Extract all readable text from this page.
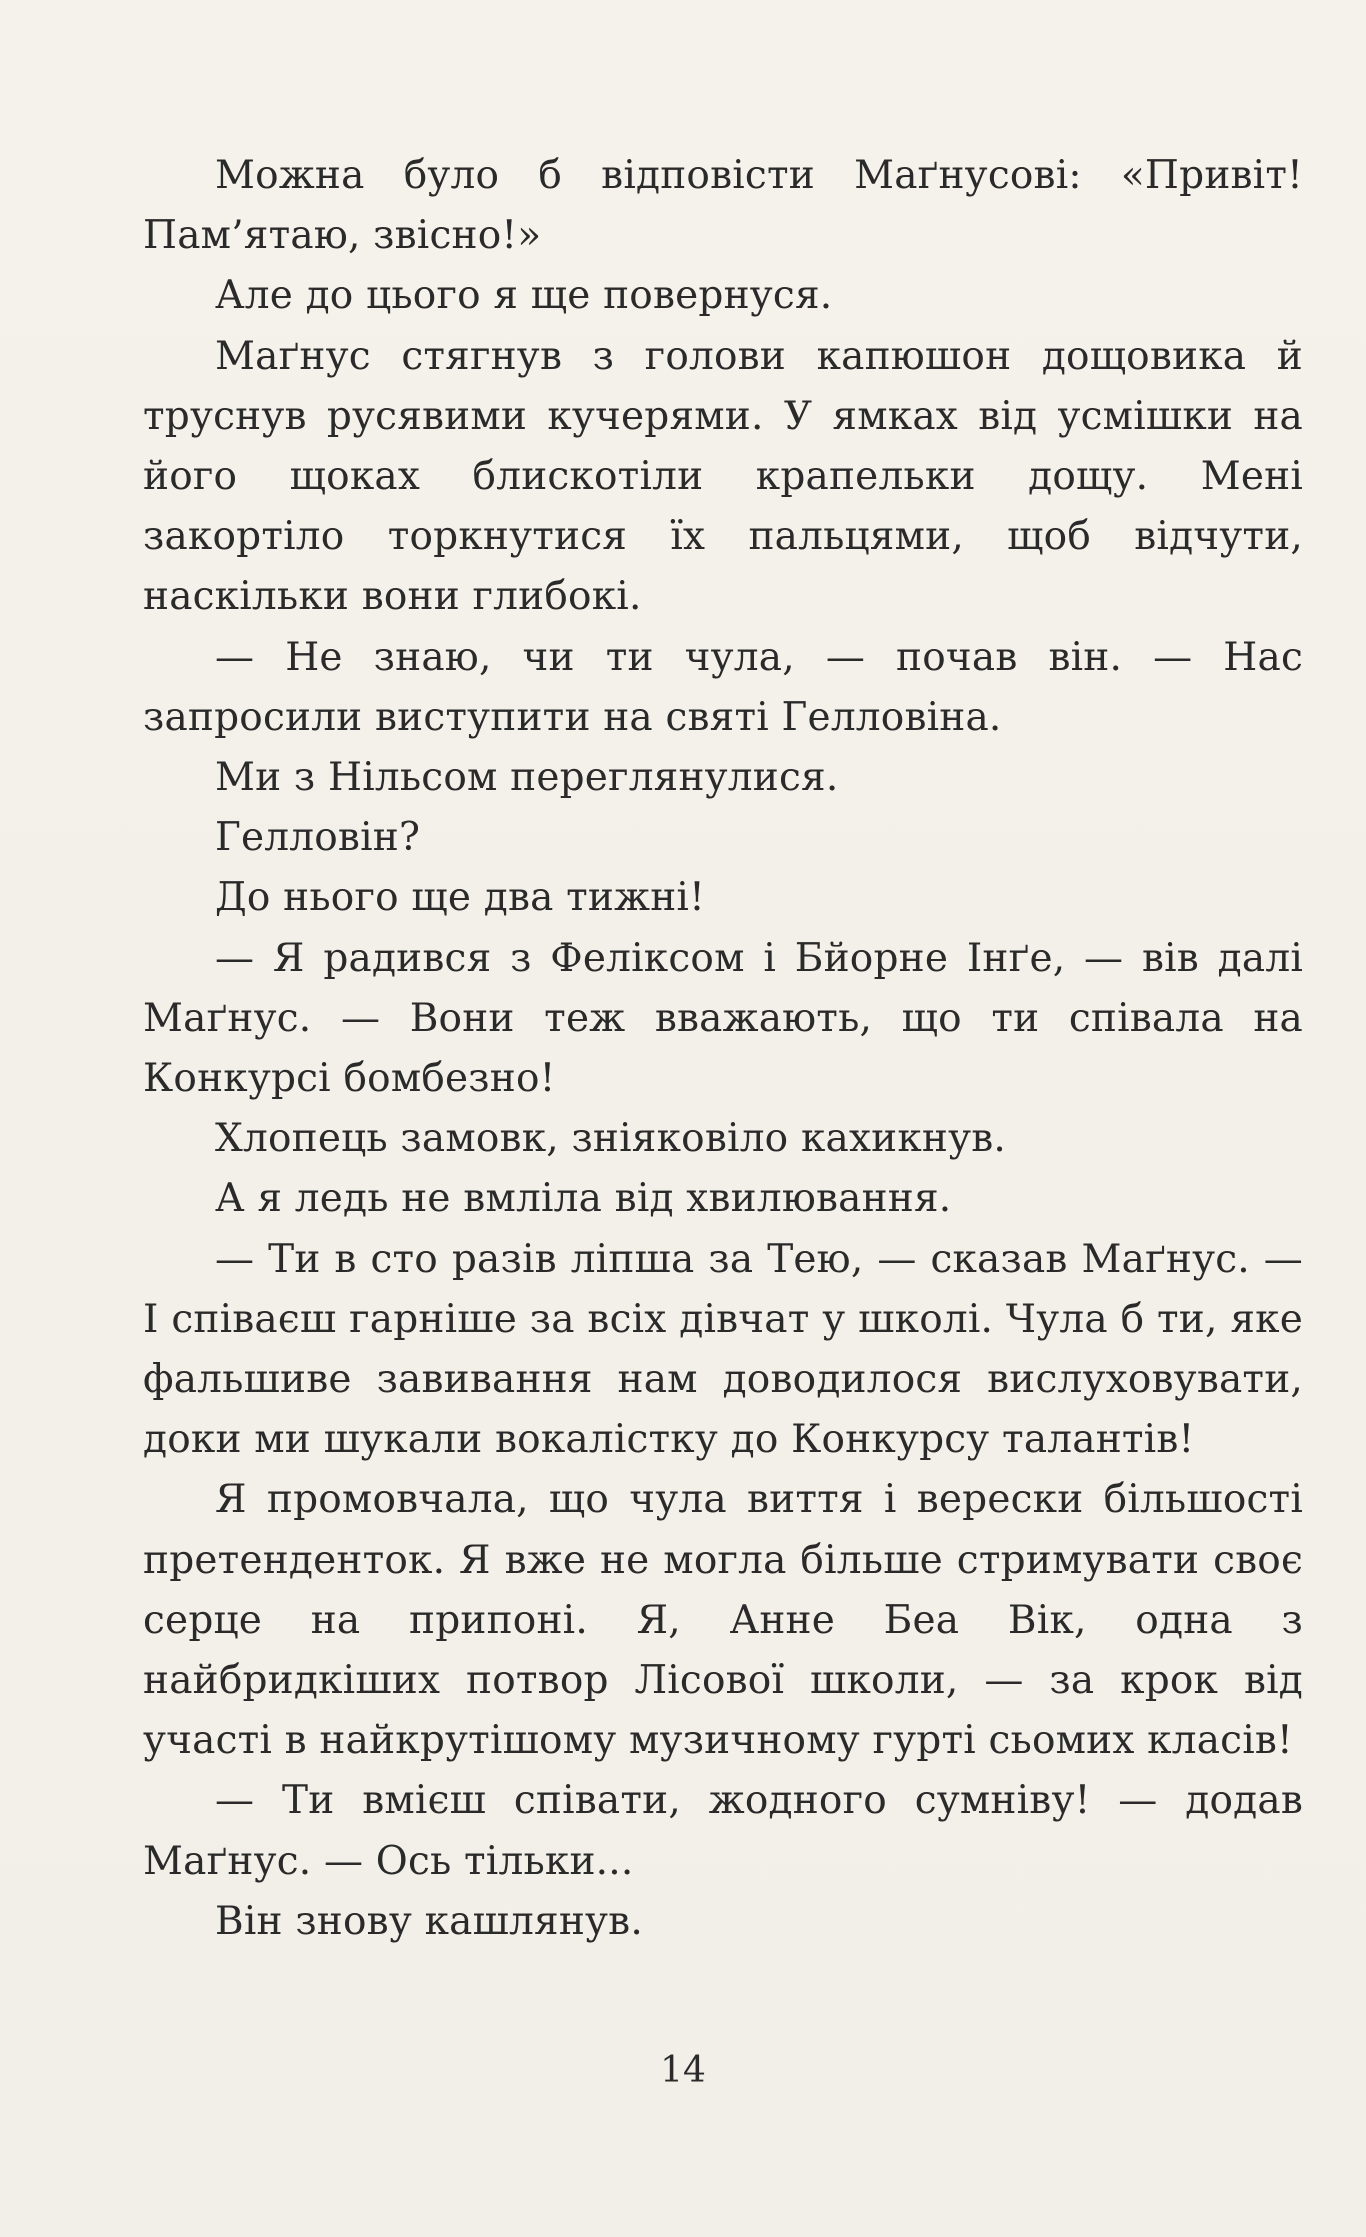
Можна було б відповісти Маґнусові: «Привіт! Пам’ятаю, звісно!»

Але до цього я ще повернуся.

Маґнус стягнув з голови капюшон дощовика й труснув русявими кучерями. У ямках від усмішки на його щоках блискотіли крапельки дощу. Мені закортіло торкнутися їх пальцями, щоб відчути, наскільки вони глибокі.

— Не знаю, чи ти чула, — почав він. — Нас запросили виступити на святі Гелловіна.

Ми з Нільсом переглянулися.

Гелловін?

До нього ще два тижні!

— Я радився з Феліксом і Бйорне Інґе, — вів далі Маґнус. — Вони теж вважають, що ти співала на Конкурсі бомбезно!

Хлопець замовк, зніяковіло кахикнув.

А я ледь не вмліла від хвилювання.

— Ти в сто разів ліпша за Тею, — сказав Маґнус. — І співаєш гарніше за всіх дівчат у школі. Чула б ти, яке фальшиве завивання нам доводилося вислуховувати, доки ми шукали вокалістку до Конкурсу талантів!

Я промовчала, що чула виття і верески більшості претенденток. Я вже не могла більше стримувати своє серце на припоні. Я, Анне Беа Вік, одна з найбридкіших потвор Лісової школи, — за крок від участі в найкрутішому музичному гурті сьомих класів!

— Ти вмієш співати, жодного сумніву! — додав Маґнус. — Ось тільки...

Він знову кашлянув.

14
